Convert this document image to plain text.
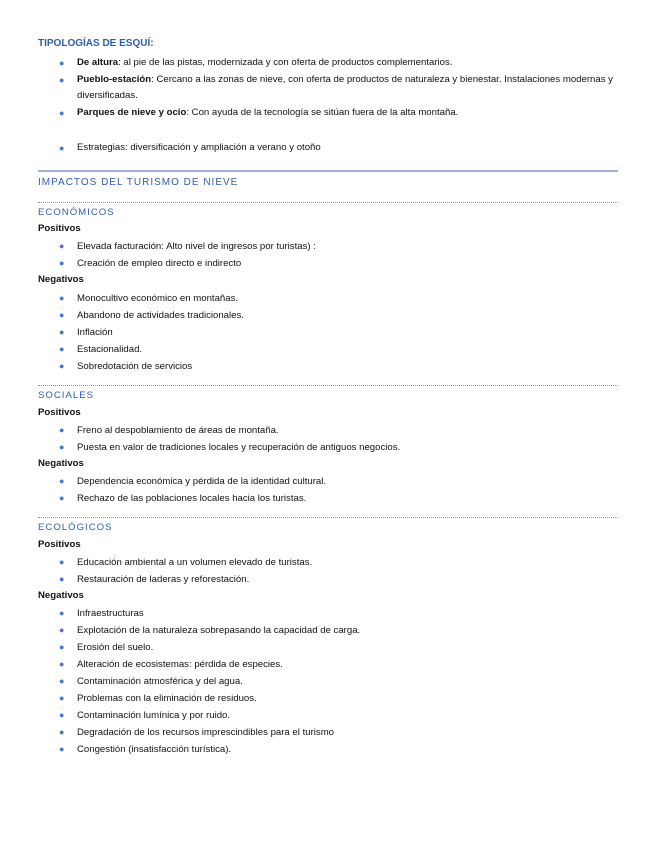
TIPOLOGÍAS DE ESQUÍ:
● De altura: al pie de las pistas, modernizada y con oferta de productos complementarios.
● Pueblo-estación: Cercano a las zonas de nieve, con oferta de productos de naturaleza y bienestar. Instalaciones modernas y diversificadas.
● Parques de nieve y ocio: Con ayuda de la tecnología se sitúan fuera de la alta montaña.
● Estrategias: diversificación y ampliación a verano y otoño
IMPACTOS DEL TURISMO DE NIEVE
ECONÓMICOS
Positivos
● Elevada facturación: Alto nivel de ingresos por turistas) :
● Creación de empleo directo e indirecto
Negativos
● Monocultivo económico en montañas.
● Abandono de actividades tradicionales.
● Inflación
● Estacionalidad.
● Sobredotación de servicios
SOCIALES
Positivos
● Freno al despoblamiento de áreas de montaña.
● Puesta en valor de tradiciones locales y recuperación de antiguos negocios.
Negativos
● Dependencia económica y pérdida de la identidad cultural.
● Rechazo de las poblaciones locales hacia los turistas.
ECOLÓGICOS
Positivos
● Educación ambiental a un volumen elevado de turistas.
● Restauración de laderas y reforestación.
Negativos
● Infraestructuras
● Explotación de la naturaleza sobrepasando la capacidad de carga.
● Erosión del suelo.
● Alteración de ecosistemas: pérdida de especies.
● Contaminación atmosférica y del agua.
● Problemas con la eliminación de residuos.
● Contaminación lumínica y por ruido.
● Degradación de los recursos imprescindibles para el turismo
● Congestión (insatisfacción turística).
